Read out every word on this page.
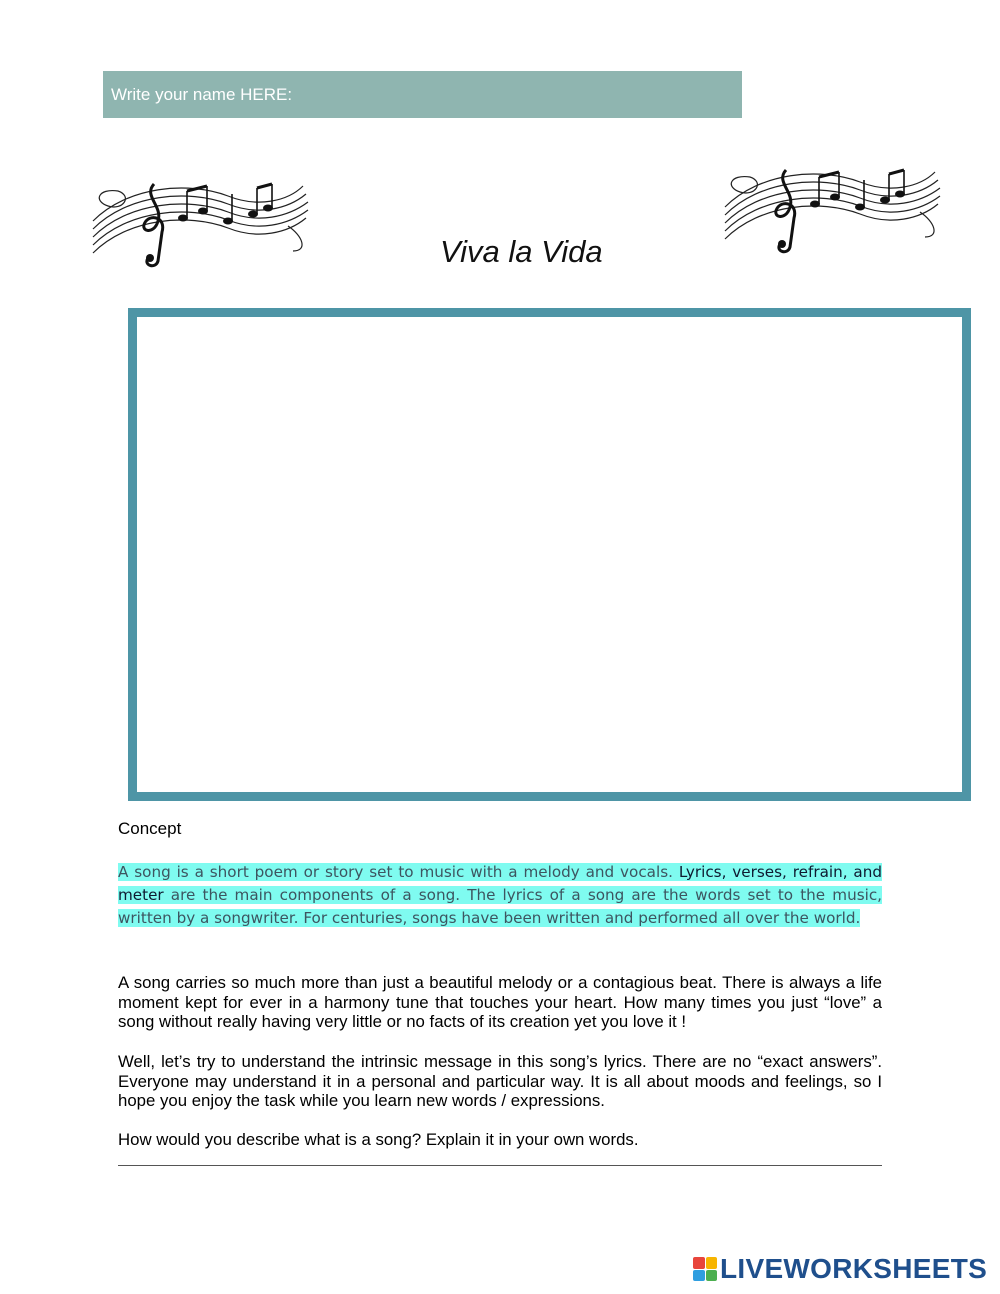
Write your name HERE:
Viva la Vida
Concept
A song is a short poem or story set to music with a melody and vocals. Lyrics, verses, refrain, and meter are the main components of a song. The lyrics of a song are the words set to the music, written by a songwriter. For centuries, songs have been written and performed all over the world.
A song carries so much more than just a beautiful melody or a contagious beat. There is always a life moment kept for ever in a harmony tune that touches your heart. How many times you just “love” a song without really having very little or no facts of its creation yet you love it !
Well, let’s try to understand the intrinsic message in this song’s lyrics. There are no “exact answers”. Everyone may understand it in a personal and particular way. It is all about moods and feelings, so I hope you enjoy the task while you learn new words / expressions.
How would you describe what is a song? Explain it in your own words.
LIVEWORKSHEETS
